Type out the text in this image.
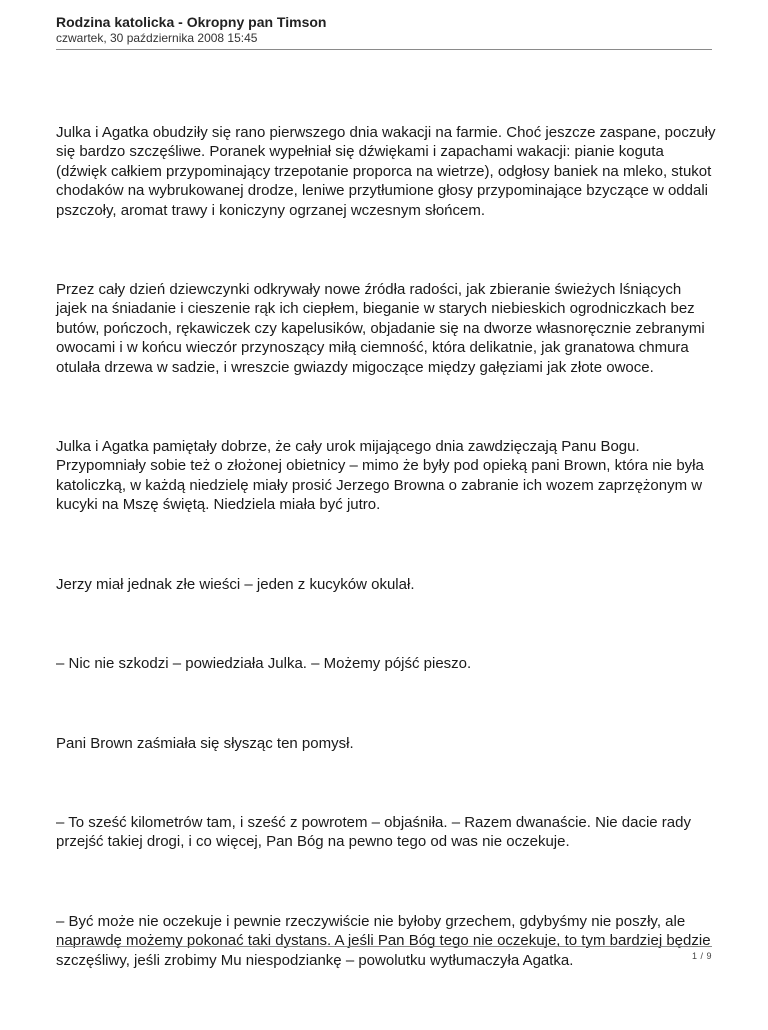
Rodzina katolicka - Okropny pan Timson
czwartek, 30 października 2008 15:45

Julka i Agatka obudziły się rano pierwszego dnia wakacji na farmie. Choć jeszcze zaspane, poczuły się bardzo szczęśliwe. Poranek wypełniał się dźwiękami i zapachami wakacji: pianie koguta (dźwięk całkiem przypominający trzepotanie proporca na wietrze), odgłosy baniek na mleko, stukot chodaków na wybrukowanej drodze, leniwe przytłumione głosy przypominające bzyczące w oddali pszczoły, aromat trawy i koniczyny ogrzanej wczesnym słońcem.

Przez cały dzień dziewczynki odkrywały nowe źródła radości, jak zbieranie świeżych lśniących jajek na śniadanie i cieszenie rąk ich ciepłem, bieganie w starych niebieskich ogrodniczkach bez butów, pończoch, rękawiczek czy kapelusików, objadanie się na dworze własnoręcznie zebranymi owocami i w końcu wieczór przynoszący miłą ciemność, która delikatnie, jak granatowa chmura otulała drzewa w sadzie, i wreszcie gwiazdy migoczące między gałęziami jak złote owoce.

Julka i Agatka pamiętały dobrze, że cały urok mijającego dnia zawdzięczają Panu Bogu. Przypomniały sobie też o złożonej obietnicy – mimo że były pod opieką pani Brown, która nie była katoliczką, w każdą niedzielę miały prosić Jerzego Browna o zabranie ich wozem zaprzężonym w kucyki na Mszę świętą. Niedziela miała być jutro.

Jerzy miał jednak złe wieści – jeden z kucyków okulał.

– Nic nie szkodzi – powiedziała Julka. – Możemy pójść pieszo.

Pani Brown zaśmiała się słysząc ten pomysł.

– To sześć kilometrów tam, i sześć z powrotem – objaśniła. – Razem dwanaście. Nie dacie rady przejść takiej drogi, i co więcej, Pan Bóg na pewno tego od was nie oczekuje.

– Być może nie oczekuje i pewnie rzeczywiście nie byłoby grzechem, gdybyśmy nie poszły, ale naprawdę możemy pokonać taki dystans. A jeśli Pan Bóg tego nie oczekuje, to tym bardziej będzie szczęśliwy, jeśli zrobimy Mu niespodziankę – powolutku wytłumaczyła Agatka.	1 / 9
